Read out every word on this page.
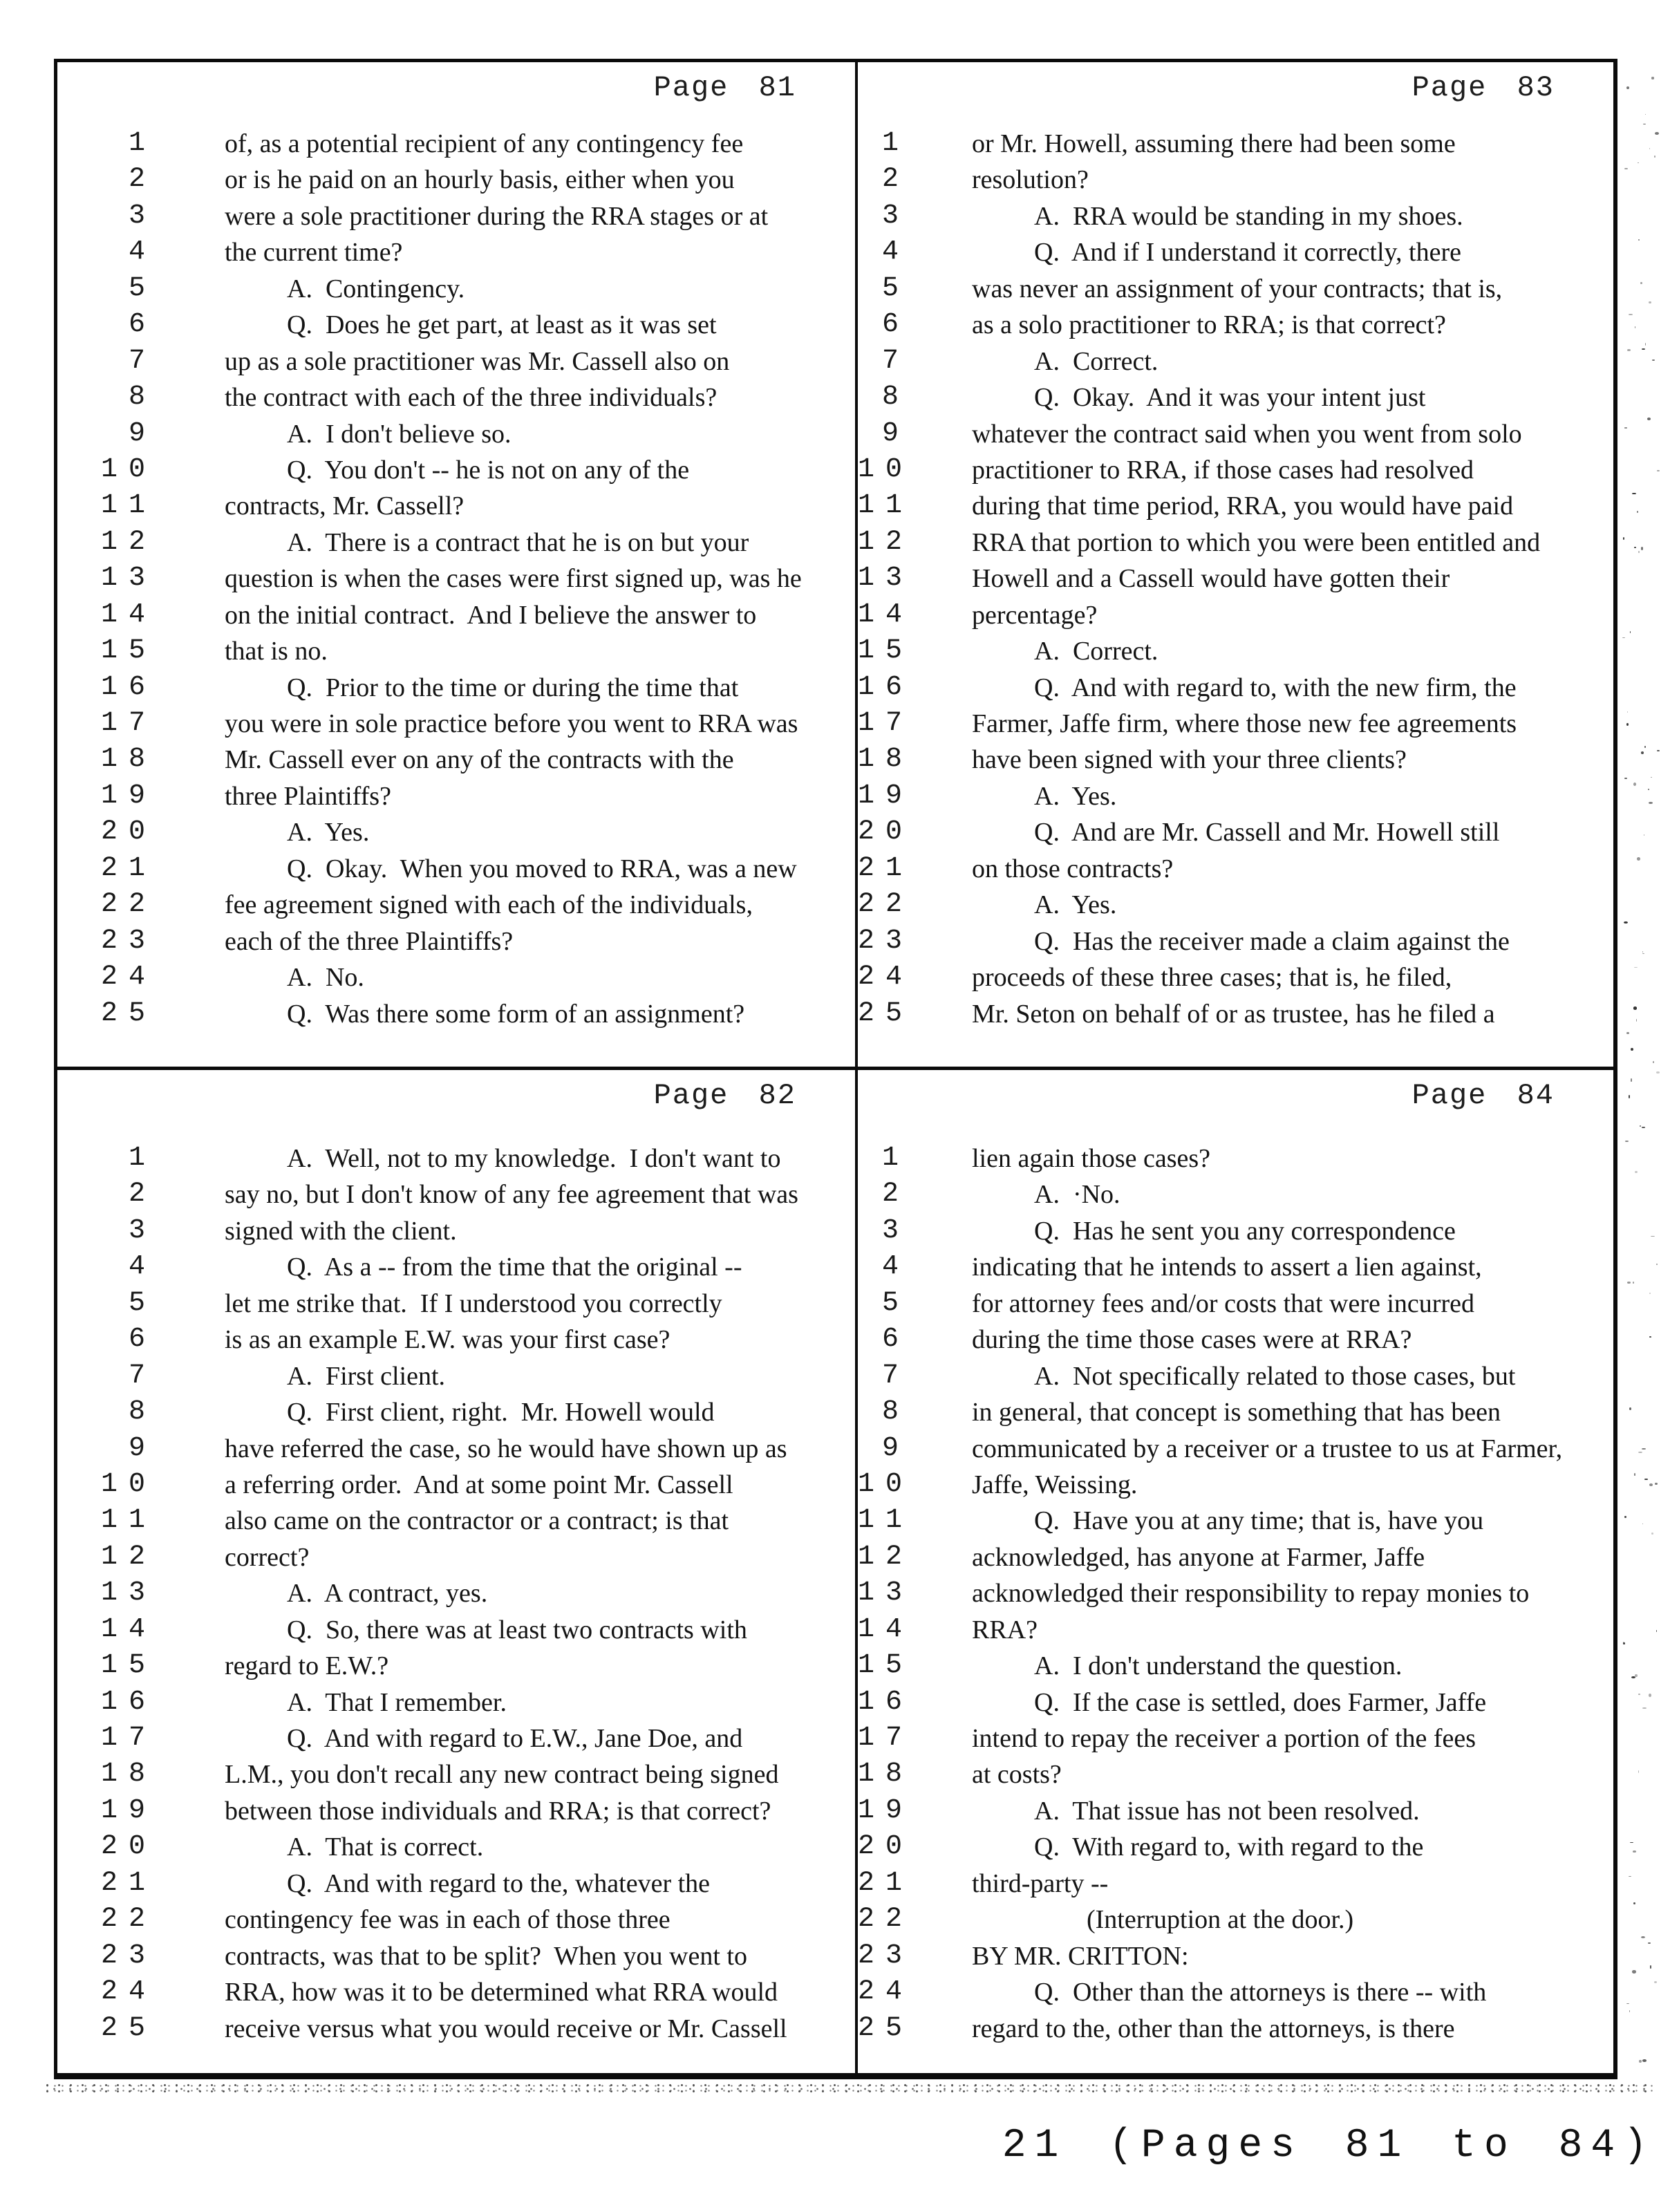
Page 81
1	of, as a potential recipient of any contingency fee
2	or is he paid on an hourly basis, either when you
3	were a sole practitioner during the RRA stages or at
4	the current time?
5	A.  Contingency.
6	Q.  Does he get part, at least as it was set
7	up as a sole practitioner was Mr. Cassell also on
8	the contract with each of the three individuals?
9	A.  I don't believe so.
10	Q.  You don't -- he is not on any of the
11	contracts, Mr. Cassell?
12	A.  There is a contract that he is on but your
13	question is when the cases were first signed up, was he
14	on the initial contract.  And I believe the answer to
15	that is no.
16	Q.  Prior to the time or during the time that
17	you were in sole practice before you went to RRA was
18	Mr. Cassell ever on any of the contracts with the
19	three Plaintiffs?
20	A.  Yes.
21	Q.  Okay.  When you moved to RRA, was a new
22	fee agreement signed with each of the individuals,
23	each of the three Plaintiffs?
24	A.  No.
25	Q.  Was there some form of an assignment?
Page 83
1 or Mr. Howell, assuming there had been some
2 resolution?
3	A.  RRA would be standing in my shoes.
4	Q.  And if I understand it correctly, there
5 was never an assignment of your contracts; that is,
6 as a solo practitioner to RRA; is that correct?
7	A.  Correct.
8	Q.  Okay.  And it was your intent just
9 whatever the contract said when you went from solo
10 practitioner to RRA, if those cases had resolved
11 during that time period, RRA, you would have paid
12 RRA that portion to which you were been entitled and
13 Howell and a Cassell would have gotten their
14 percentage?
15	A.  Correct.
16	Q.  And with regard to, with the new firm, the
17 Farmer, Jaffe firm, where those new fee agreements
18 have been signed with your three clients?
19	A.  Yes.
20	Q.  And are Mr. Cassell and Mr. Howell still
21 on those contracts?
22	A.  Yes.
23	Q.  Has the receiver made a claim against the
24 proceeds of these three cases; that is, he filed,
25 Mr. Seton on behalf of or as trustee, has he filed a
Page 82
1	A.  Well, not to my knowledge.  I don't want to
2	say no, but I don't know of any fee agreement that was
3	signed with the client.
4	Q.  As a -- from the time that the original --
5	let me strike that.  If I understood you correctly
6	is as an example E.W. was your first case?
7	A.  First client.
8	Q.  First client, right.  Mr. Howell would
9	have referred the case, so he would have shown up as
10	a referring order.  And at some point Mr. Cassell
11	also came on the contractor or a contract; is that
12	correct?
13	A.  A contract, yes.
14	Q.  So, there was at least two contracts with
15	regard to E.W.?
16	A.  That I remember.
17	Q.  And with regard to E.W., Jane Doe, and
18	L.M., you don't recall any new contract being signed
19	between those individuals and RRA; is that correct?
20	A.  That is correct.
21	Q.  And with regard to the, whatever the
22	contingency fee was in each of those three
23	contracts, was that to be split?  When you went to
24	RRA, how was it to be determined what RRA would
25	receive versus what you would receive or Mr. Cassell
Page 84
1 lien again those cases?
2	A.  ·No.
3	Q.  Has he sent you any correspondence
4 indicating that he intends to assert a lien against,
5 for attorney fees and/or costs that were incurred
6 during the time those cases were at RRA?
7	A.  Not specifically related to those cases, but
8 in general, that concept is something that has been
9 communicated by a receiver or a trustee to us at Farmer,
10 Jaffe, Weissing.
11	Q.  Have you at any time; that is, have you
12 acknowledged, has anyone at Farmer, Jaffe
13 acknowledged their responsibility to repay monies to
14 RRA?
15	A.  I don't understand the question.
16	Q.  If the case is settled, does Farmer, Jaffe
17 intend to repay the receiver a portion of the fees
18 at costs?
19	A.  That issue has not been resolved.
20	Q.  With regard to, with regard to the
21 third-party --
22	(Interruption at the door.)
23 BY MR. CRITTON:
24	Q.  Other than the attorneys is there -- with
25 regard to the, other than the attorneys, is there
21 (Pages 81 to 84)
